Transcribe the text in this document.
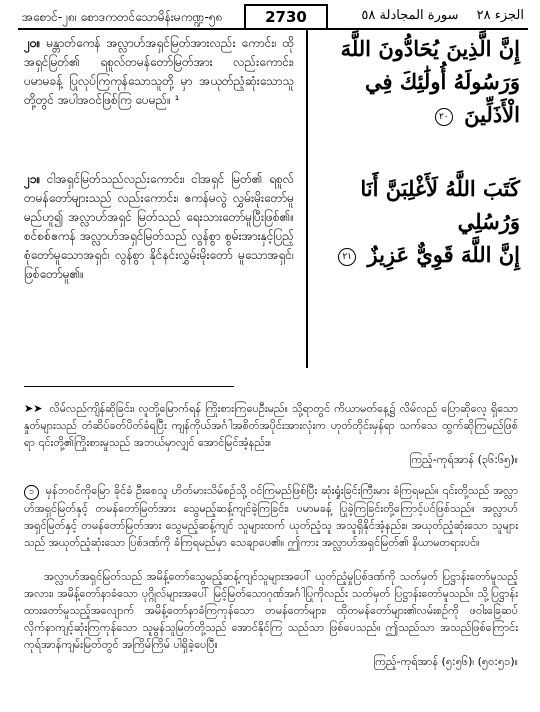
အစောင်-၂၈၊ စောဒကတင်သောမိန်းမကဏ္ဍ-၅၈	2730	الجزء ٢٨ سورة المجادلة ٥٨
၂၀။ မန္တာတ်ကေန် အလ္လာဟ်အရှင်မြတ်အားလည်း ကောင်း၊ ထိုအရှင်မြတ်၏ ရစူလ်တမန်တော်မြတ်အား လည်းကောင်း၊ ပမာမခန့် ပြုလုပ်ကြကုန်သောသူတို့ မှာ အယုတ်ညံ့ဆုံးသောသူတို့တွင် အပါအဝင်ဖြစ်ကြ ပေမည်။ ¹
إِنَّ الَّذِينَ يُحَادُّونَ اللَّهَ
وَرَسُولَهُ أُولَٰئِكَ فِي
الْأَذَلِّينَ ٢٠
၂၁။ ငါအရှင်မြတ်သည်လည်းကောင်း၊ ငါအရှင် မြတ်၏ ရစူလ်တမန်တော်များသည် လည်းကောင်း၊ ဧကန်မလွဲ လွှမ်းမိုးတော်မူမည်ဟူ၍ အလ္လာဟ်အရှင် မြတ်သည် ရေးသားတော်မူပြီးဖြစ်၏။ စင်စစ်ဧကန် အလ္လာဟ်အရှင်မြတ်သည် လွန်စွာ စွမ်းအားနှင့်ပြည့် စုံတော်မူသောအရှင်၊ လွန်စွာ နိုင်နင်းလွှမ်းမိုးတော် မူသောအရှင်၊ ဖြစ်တော်မူ၏။
كَتَبَ اللَّهُ لَأَغْلِبَنَّ أَنَا وَرُسُلِي
إِنَّ اللَّهَ قَوِيٌّ عَزِيزٌ ٢١
➤➤ လိမ်လည်ကျိန်ဆိုခြင်း၊ လူတို့မြောက်ရန် ကြိုးစားကြပေဦးမည်။ သို့ရာတွင် ကိယာမတ်နေ့၌ လိမ်လည် ပြောဆိုလေ့ ရှိသောနှုတ်များသည် တံဆိပ်ခတ်ပိတ်ခံရပြီး ကျန်ကိုယ်အင်္ဂါအစိတ်အပိုင်းအားလုံးက ဟုတ်တိုင်းမှန်ရာ သက်သေ ထွက်ဆိုကြမည်ဖြစ်ရာ ၎င်းတို့၏ကြိုးစားမှုသည် အဘယ်မှာလျှင် အောင်မြင်အံ့နည်း။
ကြည့်-ကုရ်အာန် (၃၆:၆၅)။
၁ မှန်ဘဝင်ကိုမြော ခိုင်ခံ ဦးစေသူ ဟိတ်မားသိမ်စဉ်သို့ ဝင်ကြမည်ဖြစ်ပြီး ဆုံးရှုံးခြင်းကြီးမား ခံကြရမည်။ ၎င်းတို့သည် အလ္လာဟ်အရှင်မြတ်နှင့် တမန်တော်မြတ်အား သွေမည့်ဆန့်ကျင်ခဲ့ကြခြင်း၊ ပမာမခန့် ပြုခဲ့ကြခြင်းတို့ကြောင့်ပင်ဖြစ်သည်။ အလ္လာဟ်အရှင်မြတ်နှင့် တမန်တော်မြတ်အား သွေမည့်ဆန့်ကျင် သူများထက် ယုတ်ညံ့သူ အသူရှိနိုင်အံ့နည်း။ အယုတ်ညံ့ဆုံးသော သူများသည် အယုတ်ညံ့ဆုံးသော ပြစ်ဒဏ်ကို ခံကြရမည်မှာ သေချာပေ၏။ ဤကား အလ္လာဟ်အရှင်မြတ်၏ နိယာမတရားပင်။
အလ္လာဟ်အရှင်မြတ်သည် အမိန့်တော်သွေမည့်ဆန့်ကျင်သူများအပေါ် ယုတ်ညံ့မှုပြစ်ဒဏ်ကို သတ်မှတ် ပြဋ္ဌာန်းတော်မူသည့်အလား၊ အမိန့်တော်နာခံသော ပုဂ္ဂိုလ်များအပေါ် မြင့်မြတ်သောဂုဏ်အင်္ဂါပြုကိုလည်း သတ်မှတ် ပြဋ္ဌာန်းတော်မူသည်။ သို့ပြဋ္ဌာန်းထားတော်မူသည့်အလျောက် အမိန့်တော်နာခံကြကုန်သော တမန်တော်များ၊ ထိုတမန်တော်များ၏လမ်းစဉ်ကို ဖဝါးခြေဆပ် လိုက်နာကျင့်ဆုံးကြကုန်သော သူမွန်သူမြတ်တို့သည် အောင်နိုင်ကြ သည်သာ ဖြစ်ပေသည်။ ဤသည်သာ အသည်ဖြစ်ကြောင်း ကုရ်အာန်ကျမ်းမြတ်တွင် အကြိမ်ကြိမ် ပါရှိခဲ့ပေပြီ။
ကြည့်-ကုရ်အာန် (၅:၅၆)၊ (၅၀:၅၁)။
